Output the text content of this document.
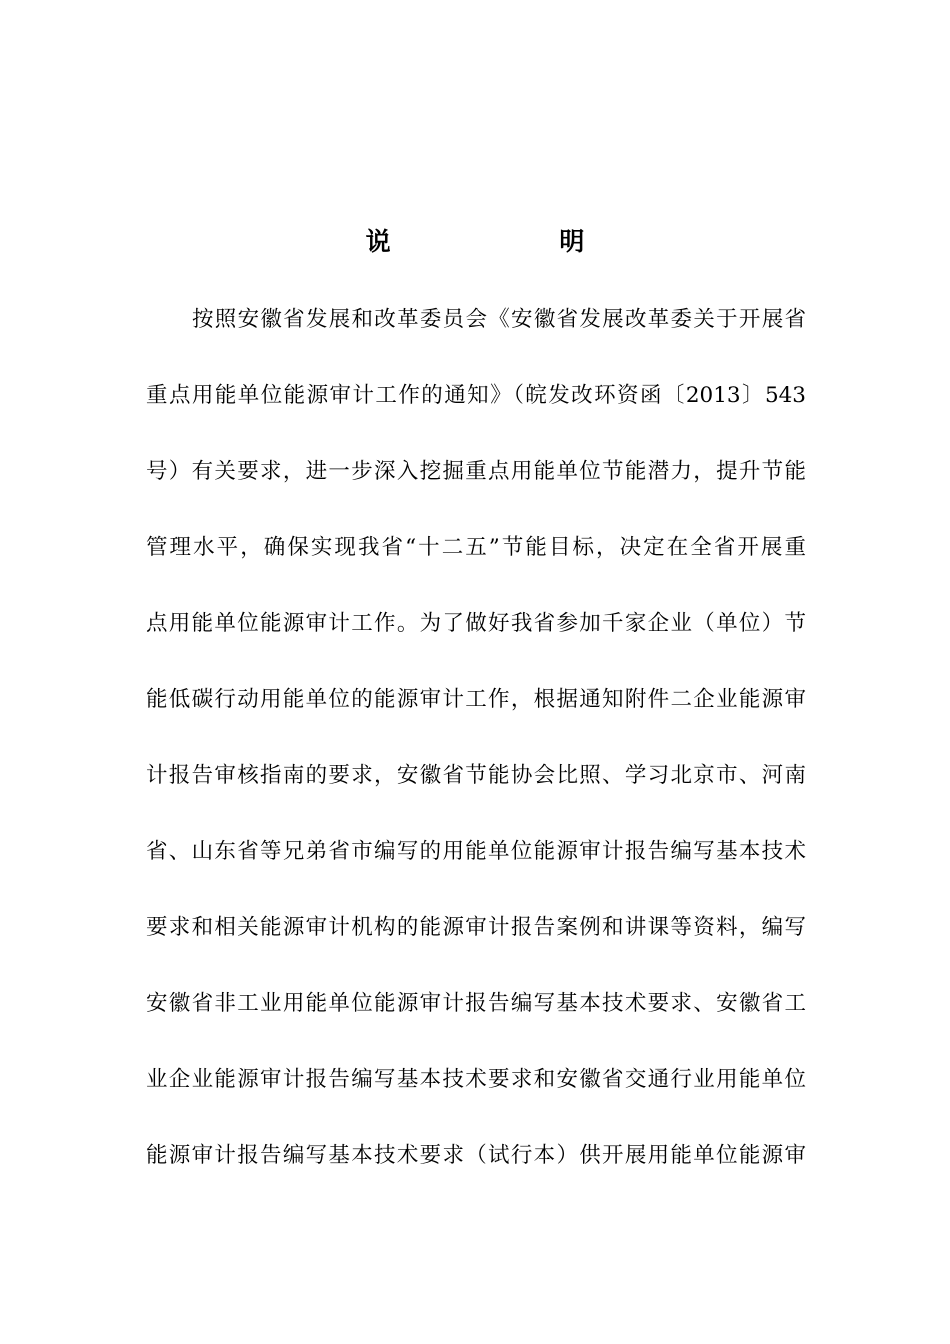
说 明
按照安徽省发展和改革委员会《安徽省发展改革委关于开展省
重点用能单位能源审计工作的通知》（皖发改环资函〔2013〕543
号）有关要求，进一步深入挖掘重点用能单位节能潜力，提升节能
管理水平，确保实现我省“十二五”节能目标，决定在全省开展重
点用能单位能源审计工作。为了做好我省参加千家企业（单位）节
能低碳行动用能单位的能源审计工作，根据通知附件二企业能源审
计报告审核指南的要求，安徽省节能协会比照、学习北京市、河南
省、山东省等兄弟省市编写的用能单位能源审计报告编写基本技术
要求和相关能源审计机构的能源审计报告案例和讲课等资料，编写
安徽省非工业用能单位能源审计报告编写基本技术要求、安徽省工
业企业能源审计报告编写基本技术要求和安徽省交通行业用能单位
能源审计报告编写基本技术要求（试行本）供开展用能单位能源审
